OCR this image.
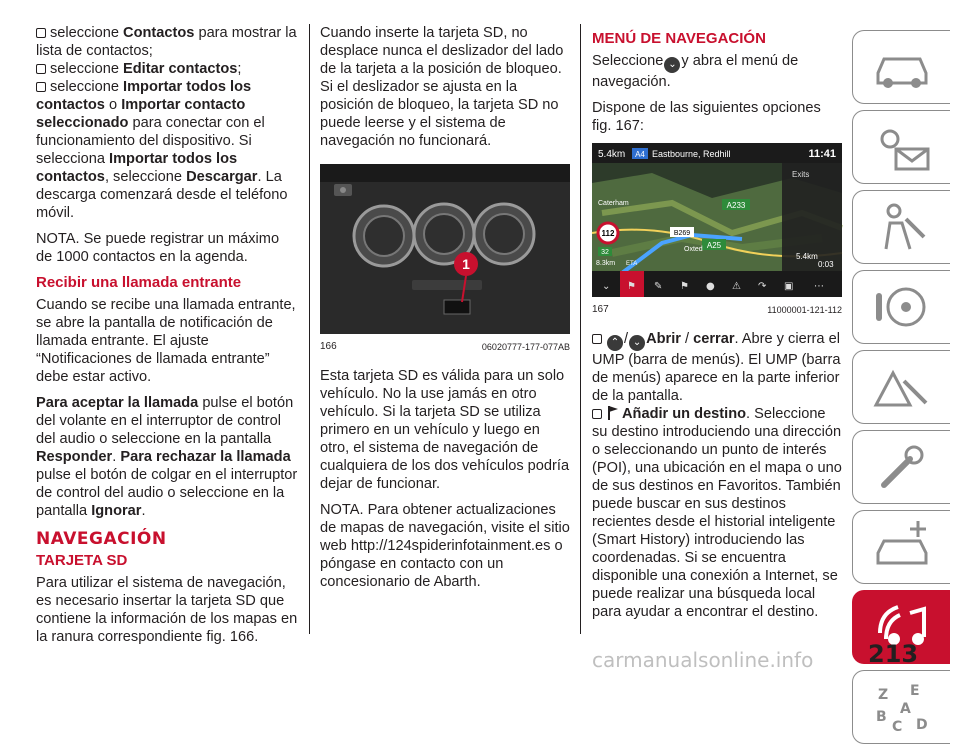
seleccione Contactos para mostrar la lista de contactos;

seleccione Editar contactos;

seleccione Importar todos los contactos o Importar contacto seleccionado para conectar con el funcionamiento del dispositivo. Si selecciona Importar todos los contactos, seleccione Descargar. La descarga comenzará desde el teléfono móvil.

NOTA. Se puede registrar un máximo de 1000 contactos en la agenda.

Recibir una llamada entrante

Cuando se recibe una llamada entrante, se abre la pantalla de notificación de llamada entrante. El ajuste “Notificaciones de llamada entrante” debe estar activo.

Para aceptar la llamada pulse el botón del volante en el interruptor de control del audio o seleccione en la pantalla Responder. Para rechazar la llamada pulse el botón de colgar en el interruptor de control del audio o seleccione en la pantalla Ignorar.

NAVEGACIÓN
TARJETA SD

Para utilizar el sistema de navegación, es necesario insertar la tarjeta SD que contiene la información de los mapas en la ranura correspondiente fig. 166.

Cuando inserte la tarjeta SD, no desplace nunca el deslizador del lado de la tarjeta a la posición de bloqueo. Si el deslizador se ajusta en la posición de bloqueo, la tarjeta SD no puede leerse y el sistema de navegación no funcionará.

1
166	06020777-177-077AB

Esta tarjeta SD es válida para un solo vehículo. No la use jamás en otro vehículo. Si la tarjeta SD se utiliza primero en un vehículo y luego en otro, el sistema de navegación de cualquiera de los dos vehículos podría dejar de funcionar.

NOTA. Para obtener actualizaciones de mapas de navegación, visite el sitio web http://124spiderinfotainment.es o póngase en contacto con un concesionario de Abarth.

MENÚ DE NAVEGACIÓN

Seleccione ⌄ y abra el menú de navegación.

Dispone de las siguientes opciones fig. 167:

5.4km A4 Eastbourne, Redhill	11:41
Exits
5.4km
0:03
A233
A25
B269
Caterham
Oxted
112
32
8.3km ETA
⌄ ⚑ ✎ ⚑ ● ⚠ ↷ ▣ ⋯
167	11000001-121-112

⌃ / ⌄ Abrir / cerrar. Abre y cierra el UMP (barra de menús). El UMP (barra de menús) aparece en la parte inferior de la pantalla.

Añadir un destino. Seleccione su destino introduciendo una dirección o seleccionando un punto de interés (POI), una ubicación en el mapa o uno de sus destinos en Favoritos. También puede buscar en sus destinos recientes desde el historial inteligente (Smart History) introduciendo las coordenadas. Si se encuentra disponible una conexión a Internet, se puede realizar una búsqueda local para ayudar a encontrar el destino.

Z E
A
B
C D
carmanualsonline.info 213
